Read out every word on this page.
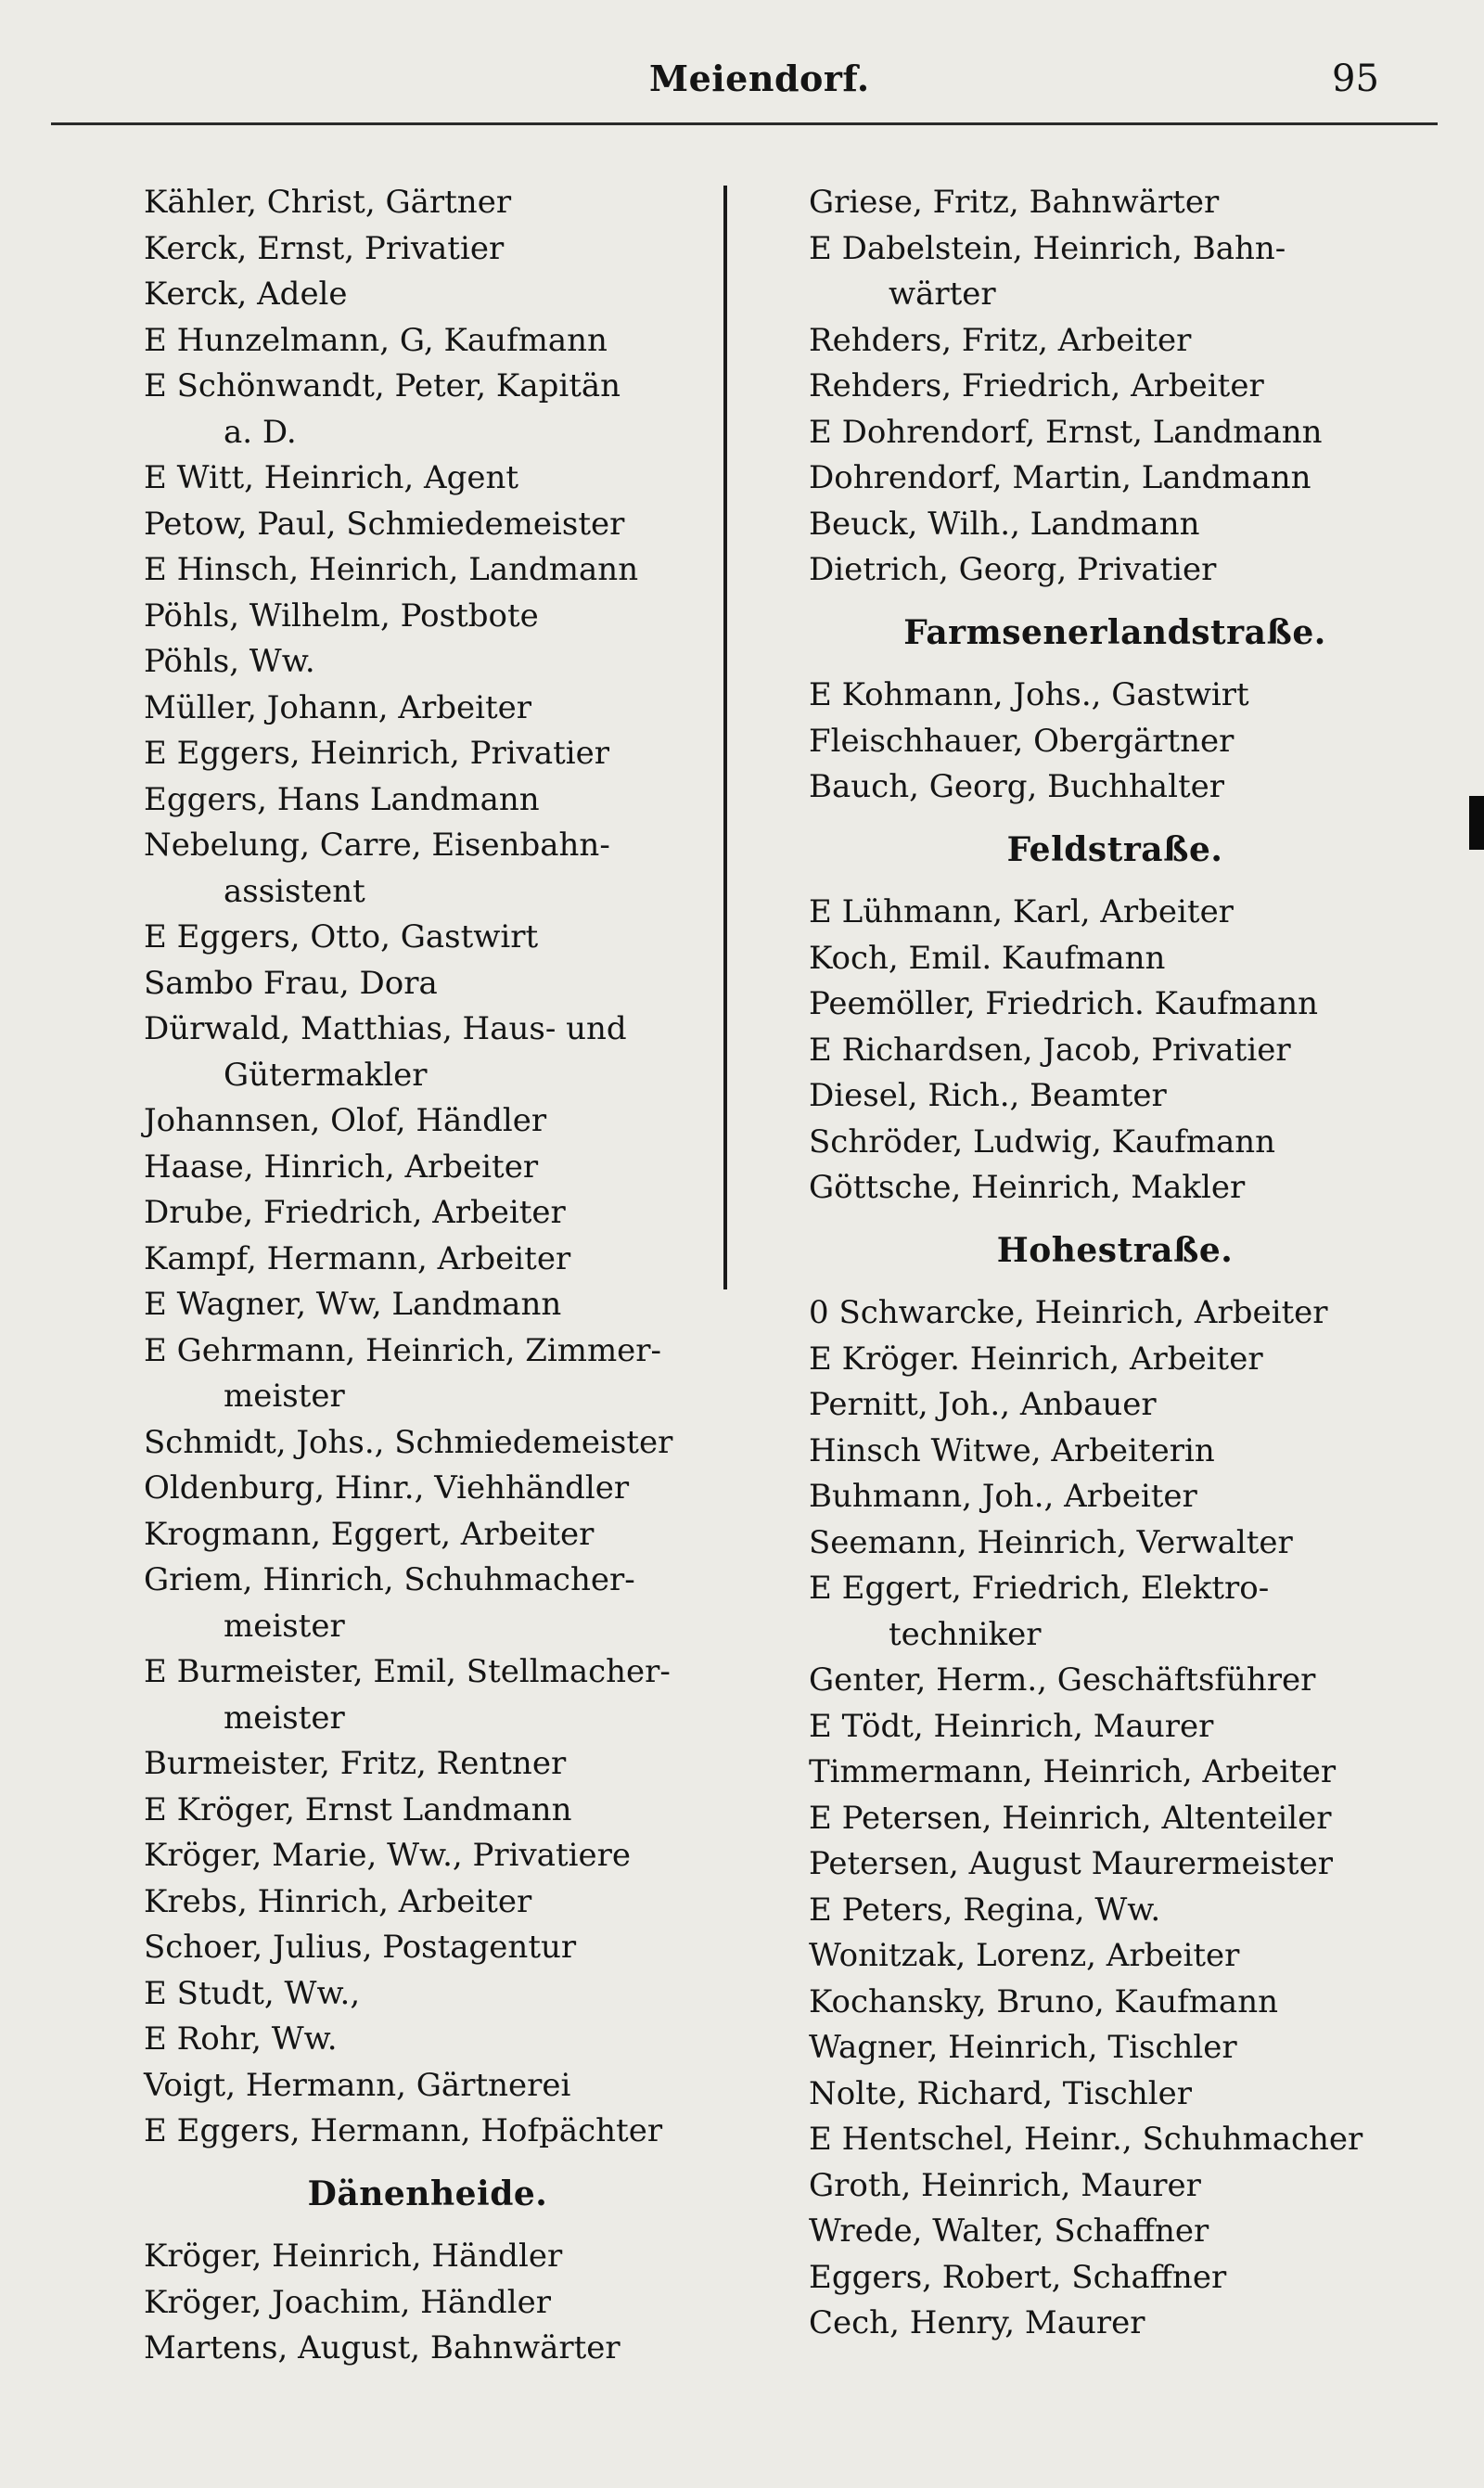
Meiendorf.	95
Kähler, Christ, Gärtner
Kerck, Ernst, Privatier
Kerck, Adele
E Hunzelmann, G, Kaufmann
E Schönwandt, Peter, Kapitän
a. D.
E Witt, Heinrich, Agent
Petow, Paul, Schmiedemeister
E Hinsch, Heinrich, Landmann
Pöhls, Wilhelm, Postbote
Pöhls, Ww.
Müller, Johann, Arbeiter
E Eggers, Heinrich, Privatier
Eggers, Hans Landmann
Nebelung, Carre, Eisenbahn-
assistent
E Eggers, Otto, Gastwirt
Sambo Frau, Dora
Dürwald, Matthias, Haus- und
Gütermakler
Johannsen, Olof, Händler
Haase, Hinrich, Arbeiter
Drube, Friedrich, Arbeiter
Kampf, Hermann, Arbeiter
E Wagner, Ww, Landmann
E Gehrmann, Heinrich, Zimmer-
meister
Schmidt, Johs., Schmiedemeister
Oldenburg, Hinr., Viehhändler
Krogmann, Eggert, Arbeiter
Griem, Hinrich, Schuhmacher-
meister
E Burmeister, Emil, Stellmacher-
meister
Burmeister, Fritz, Rentner
E Kröger, Ernst Landmann
Kröger, Marie, Ww., Privatiere
Krebs, Hinrich, Arbeiter
Schoer, Julius, Postagentur
E Studt, Ww.,
E Rohr, Ww.
Voigt, Hermann, Gärtnerei
E Eggers, Hermann, Hofpächter
Dänenheide.
Kröger, Heinrich, Händler
Kröger, Joachim, Händler
Martens, August, Bahnwärter
Griese, Fritz, Bahnwärter
E Dabelstein, Heinrich, Bahn-
wärter
Rehders, Fritz, Arbeiter
Rehders, Friedrich, Arbeiter
E Dohrendorf, Ernst, Landmann
Dohrendorf, Martin, Landmann
Beuck, Wilh., Landmann
Dietrich, Georg, Privatier
Farmsenerlandstraße.
E Kohmann, Johs., Gastwirt
Fleischhauer, Obergärtner
Bauch, Georg, Buchhalter
Feldstraße.
E Lühmann, Karl, Arbeiter
Koch, Emil. Kaufmann
Peemöller, Friedrich. Kaufmann
E Richardsen, Jacob, Privatier
Diesel, Rich., Beamter
Schröder, Ludwig, Kaufmann
Göttsche, Heinrich, Makler
Hohestraße.
0 Schwarcke, Heinrich, Arbeiter
E Kröger. Heinrich, Arbeiter
Pernitt, Joh., Anbauer
Hinsch Witwe, Arbeiterin
Buhmann, Joh., Arbeiter
Seemann, Heinrich, Verwalter
E Eggert, Friedrich, Elektro-
techniker
Genter, Herm., Geschäftsführer
E Tödt, Heinrich, Maurer
Timmermann, Heinrich, Arbeiter
E Petersen, Heinrich, Altenteiler
Petersen, August Maurermeister
E Peters, Regina, Ww.
Wonitzak, Lorenz, Arbeiter
Kochansky, Bruno, Kaufmann
Wagner, Heinrich, Tischler
Nolte, Richard, Tischler
E Hentschel, Heinr., Schuhmacher
Groth, Heinrich, Maurer
Wrede, Walter, Schaffner
Eggers, Robert, Schaffner
Cech, Henry, Maurer
